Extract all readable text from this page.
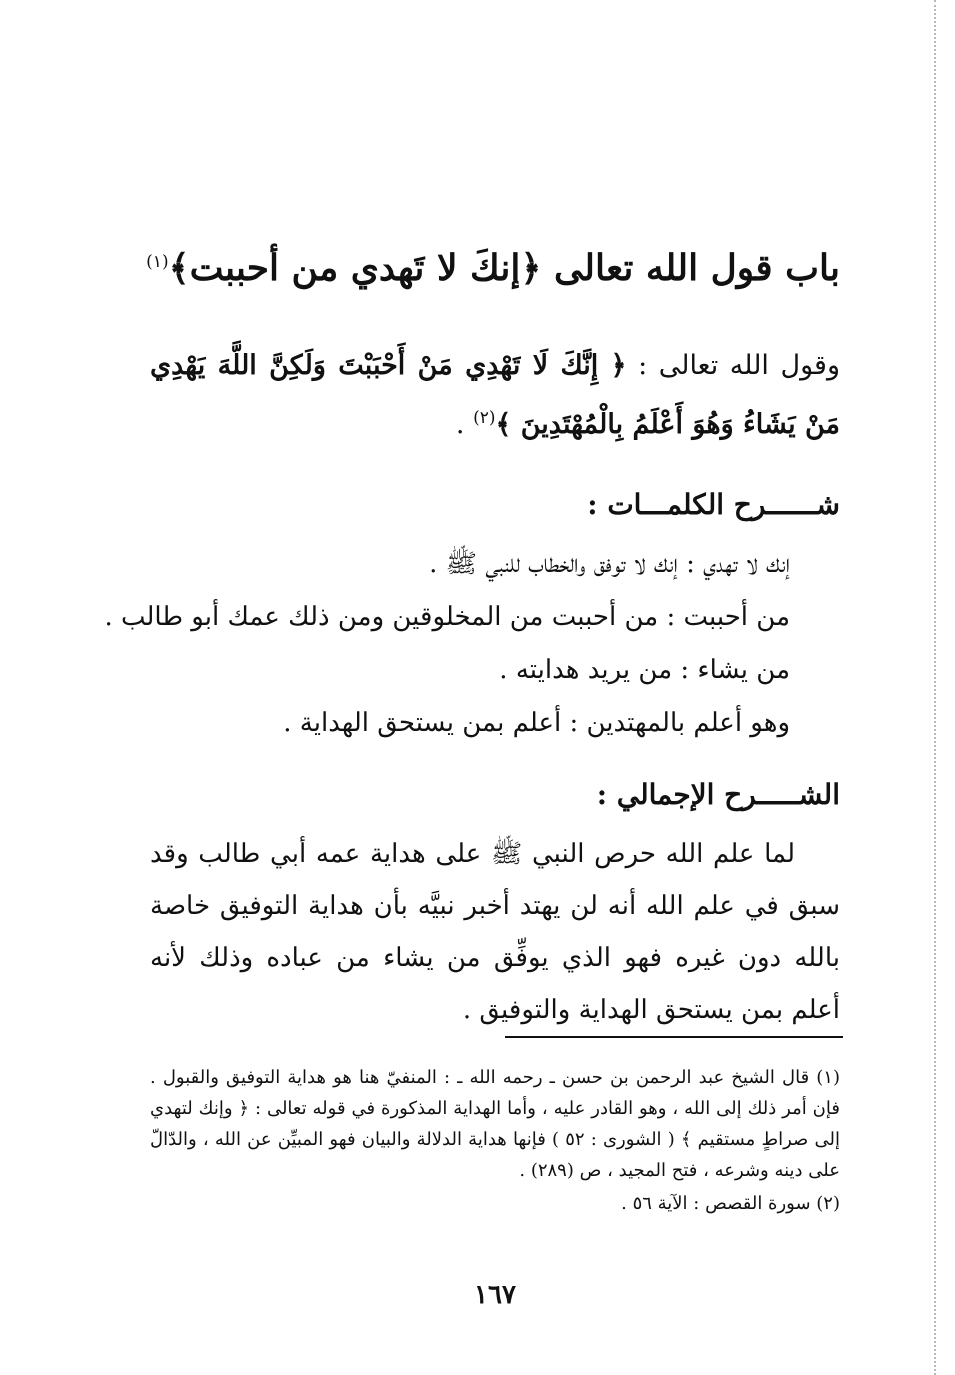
باب قول الله تعالى ﴿إنكَ لا تَهدي من أحببت﴾$^{(١)}$
وقول الله تعالى : ﴿ إِنَّكَ لَا تَهْدِي مَنْ أَحْبَبْتَ وَلَكِنَّ اللَّهَ يَهْدِي مَنْ يَشَاءُ وَهُوَ أَعْلَمُ بِالْمُهْتَدِينَ ﴾$^{(٢)}$ .
شــــــرح الكلمـــات :
إنك لا تهدي : إنك لا توفق والخطاب للنبي ﷺ .
من أحببت : من أحببت من المخلوقين ومن ذلك عمك أبو طالب .
من يشاء : من يريد هدايته .
وهو أعلم بالمهتدين : أعلم بمن يستحق الهداية .
الشـــــرح الإجمالي :
لما علم الله حرص النبي ﷺ على هداية عمه أبي طالب وقد سبق في علم الله أنه لن يهتد أخبر نبيَّه بأن هداية التوفيق خاصة بالله دون غيره فهو الذي يوفِّق من يشاء من عباده وذلك لأنه أعلم بمن يستحق الهداية والتوفيق .
(١) قال الشيخ عبد الرحمن بن حسن ـ رحمه الله ـ : المنفيّ هنا هو هداية التوفيق والقبول . فإن أمر ذلك إلى الله ، وهو القادر عليه ، وأما الهداية المذكورة في قوله تعالى : ﴿ وإنك لتهدي إلى صراطٍ مستقيم ﴾ ( الشورى : ٥٢ ) فإنها هداية الدلالة والبيان فهو المبيِّن عن الله ، والدّالّ على دينه وشرعه ، فتح المجيد ، ص (٢٨٩) .
(٢) سورة القصص : الآية ٥٦ .
١٦٧
